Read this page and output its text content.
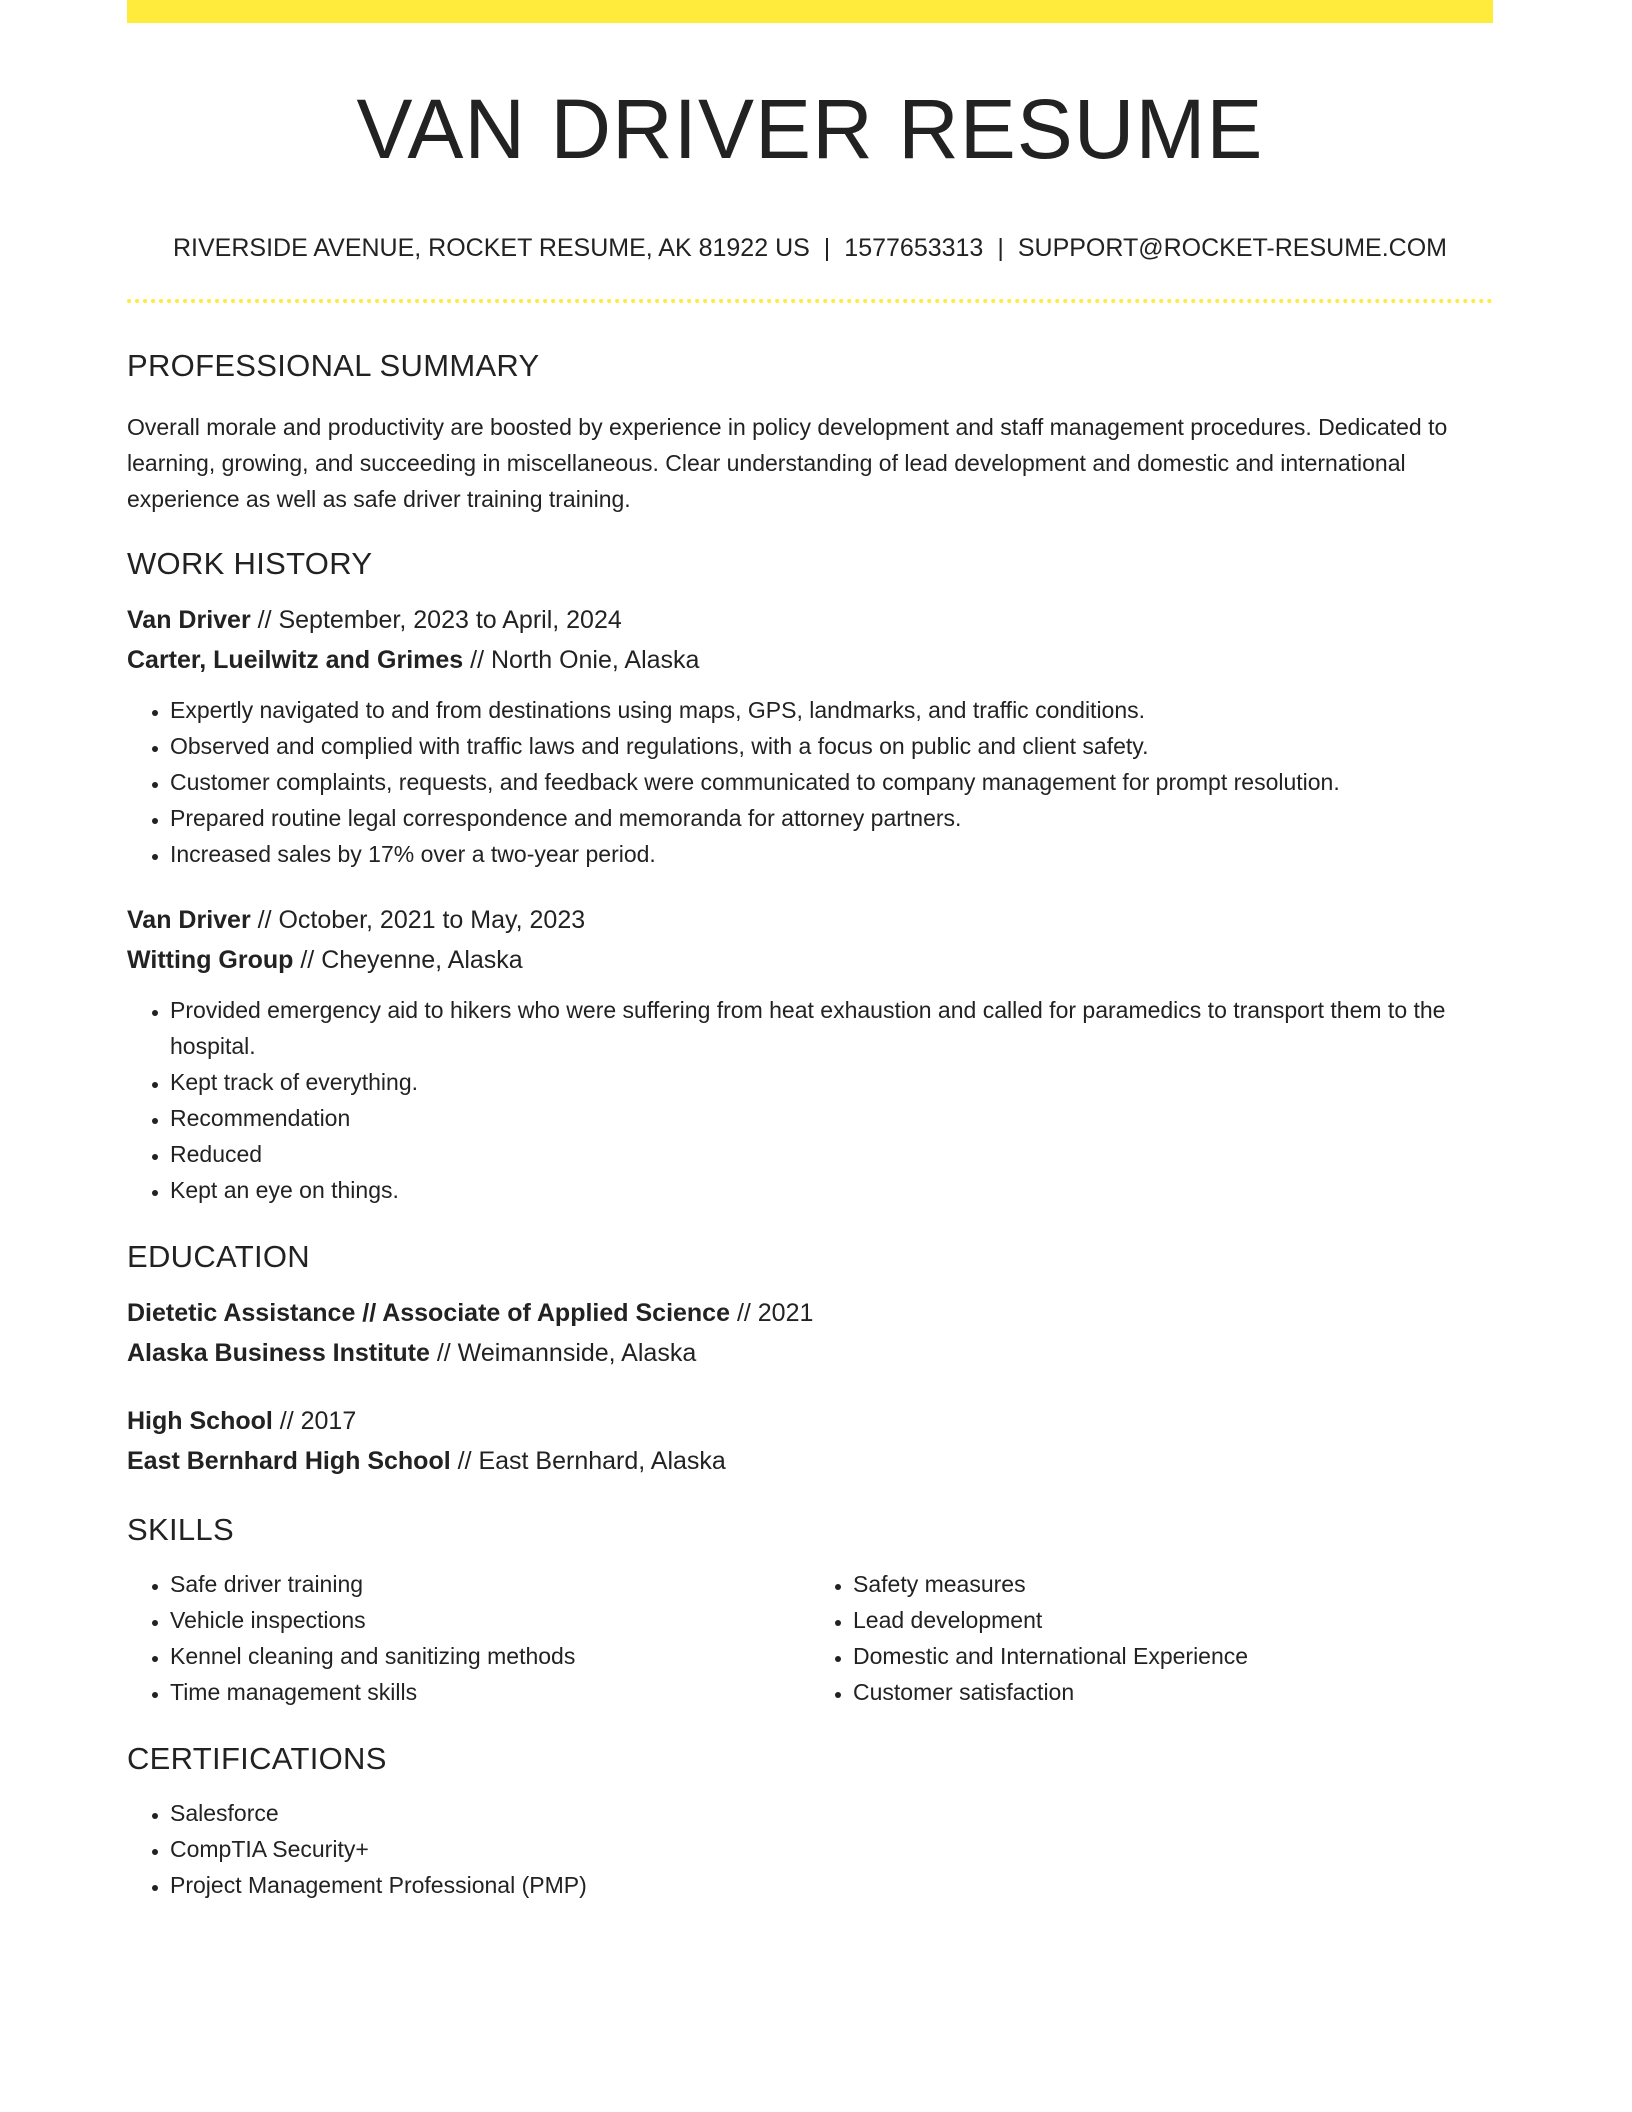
VAN DRIVER RESUME
RIVERSIDE AVENUE, ROCKET RESUME, AK 81922 US | 1577653313 | SUPPORT@ROCKET-RESUME.COM
PROFESSIONAL SUMMARY
Overall morale and productivity are boosted by experience in policy development and staff management procedures. Dedicated to learning, growing, and succeeding in miscellaneous. Clear understanding of lead development and domestic and international experience as well as safe driver training training.
WORK HISTORY
Van Driver // September, 2023 to April, 2024
Carter, Lueilwitz and Grimes // North Onie, Alaska
• Expertly navigated to and from destinations using maps, GPS, landmarks, and traffic conditions.
• Observed and complied with traffic laws and regulations, with a focus on public and client safety.
• Customer complaints, requests, and feedback were communicated to company management for prompt resolution.
• Prepared routine legal correspondence and memoranda for attorney partners.
• Increased sales by 17% over a two-year period.
Van Driver // October, 2021 to May, 2023
Witting Group // Cheyenne, Alaska
• Provided emergency aid to hikers who were suffering from heat exhaustion and called for paramedics to transport them to the hospital.
• Kept track of everything.
• Recommendation
• Reduced
• Kept an eye on things.
EDUCATION
Dietetic Assistance // Associate of Applied Science // 2021
Alaska Business Institute // Weimannside, Alaska
High School // 2017
East Bernhard High School // East Bernhard, Alaska
SKILLS
• Safe driver training
• Vehicle inspections
• Kennel cleaning and sanitizing methods
• Time management skills
• Safety measures
• Lead development
• Domestic and International Experience
• Customer satisfaction
CERTIFICATIONS
• Salesforce
• CompTIA Security+
• Project Management Professional (PMP)
